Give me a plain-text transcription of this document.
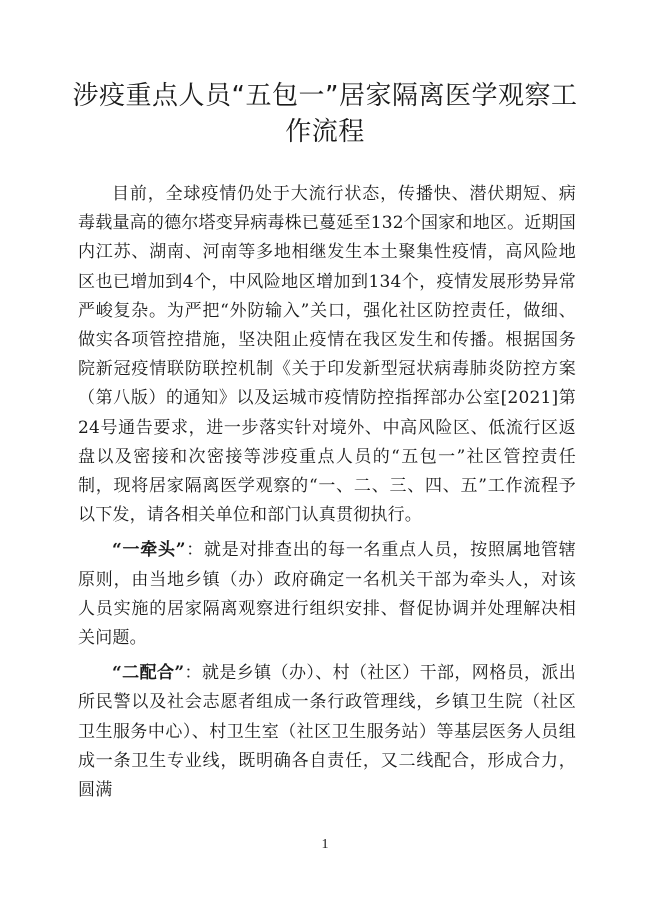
涉疫重点人员“五包一”居家隔离医学观察工作流程

目前，全球疫情仍处于大流行状态，传播快、潜伏期短、病毒载量高的德尔塔变异病毒株已蔓延至132个国家和地区。近期国内江苏、湖南、河南等多地相继发生本土聚集性疫情，高风险地区也已增加到4个，中风险地区增加到134个，疫情发展形势异常严峻复杂。为严把“外防输入”关口，强化社区防控责任，做细、做实各项管控措施，坚决阻止疫情在我区发生和传播。根据国务院新冠疫情联防联控机制《关于印发新型冠状病毒肺炎防控方案（第八版）的通知》以及运城市疫情防控指挥部办公室[2021]第24号通告要求，进一步落实针对境外、中高风险区、低流行区返盘以及密接和次密接等涉疫重点人员的“五包一”社区管控责任制，现将居家隔离医学观察的“一、二、三、四、五”工作流程予以下发，请各相关单位和部门认真贯彻执行。

“一牵头”：就是对排查出的每一名重点人员，按照属地管辖原则，由当地乡镇（办）政府确定一名机关干部为牵头人，对该人员实施的居家隔离观察进行组织安排、督促协调并处理解决相关问题。

“二配合”：就是乡镇（办）、村（社区）干部，网格员，派出所民警以及社会志愿者组成一条行政管理线，乡镇卫生院（社区卫生服务中心）、村卫生室（社区卫生服务站）等基层医务人员组成一条卫生专业线，既明确各自责任，又二线配合，形成合力，圆满

1
